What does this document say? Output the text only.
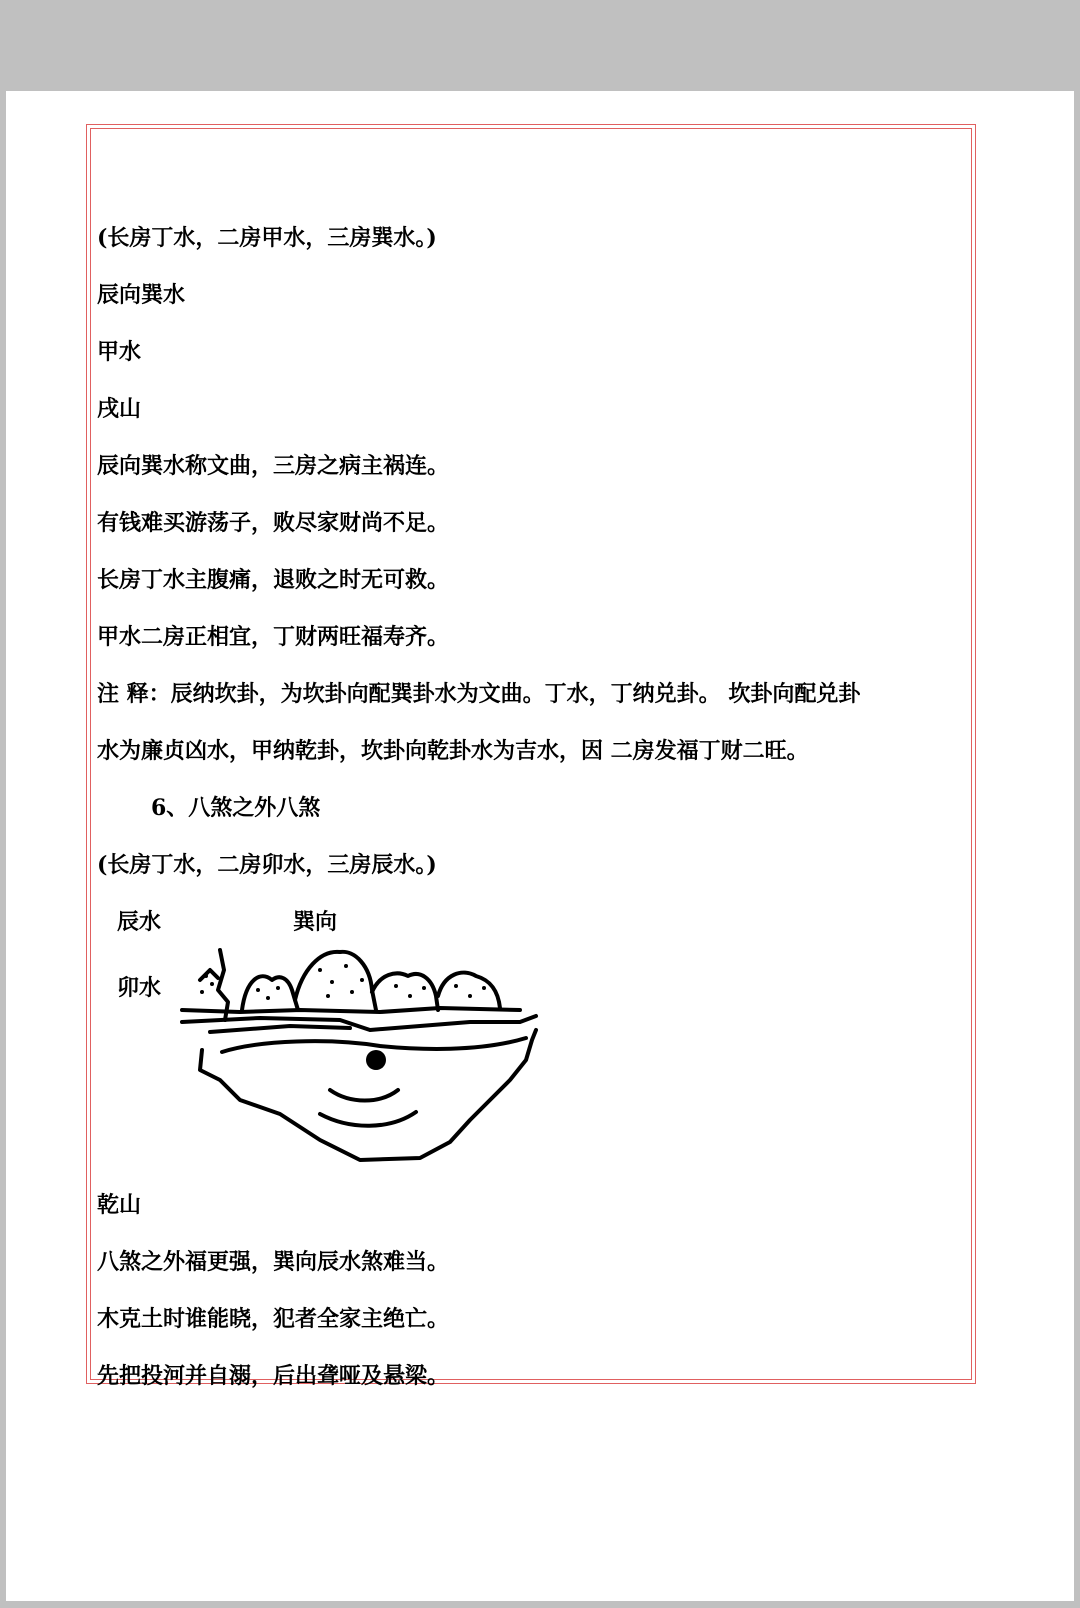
(长房丁水，二房甲水，三房巽水。)
辰向巽水
甲水
戌山
辰向巽水称文曲，三房之病主祸连。
有钱难买游荡子，败尽家财尚不足。
长房丁水主腹痛，退败之时无可救。
甲水二房正相宜，丁财两旺福寿齐。
注 释：辰纳坎卦，为坎卦向配巽卦水为文曲。丁水，丁纳兑卦。 坎卦向配兑卦
水为廉贞凶水，甲纳乾卦，坎卦向乾卦水为吉水，因 二房发福丁财二旺。
6、八煞之外八煞
(长房丁水，二房卯水，三房辰水。)
辰水	巽向
卯水
乾山
八煞之外福更强，巽向辰水煞难当。
木克土时谁能晓，犯者全家主绝亡。
先把投河并自溺，后出聋哑及悬梁。
